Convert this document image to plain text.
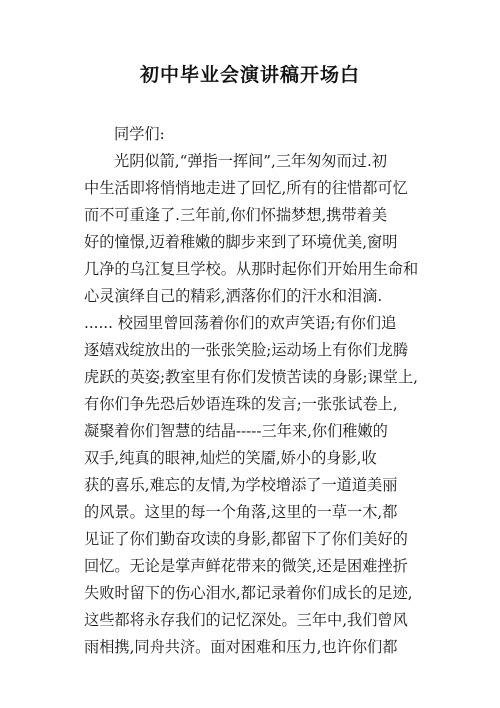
初中毕业会演讲稿开场白
同学们:
光阴似箭,“弹指一挥间”,三年匆匆而过.初
中生活即将悄悄地走进了回忆,所有的往惜都可忆
而不可重逢了.三年前,你们怀揣梦想,携带着美
好的憧憬,迈着稚嫩的脚步来到了环境优美,窗明
几净的乌江复旦学校。从那时起你们开始用生命和
心灵演绎自己的精彩,洒落你们的汗水和泪滴.
...... 校园里曾回荡着你们的欢声笑语;有你们追
逐嬉戏绽放出的一张张笑脸;运动场上有你们龙腾
虎跃的英姿;教室里有你们发愤苦读的身影;课堂上,
有你们争先恐后妙语连珠的发言;一张张试卷上,
凝聚着你们智慧的结晶-----三年来,你们稚嫩的
双手,纯真的眼神,灿烂的笑靥,娇小的身影,收
获的喜乐,难忘的友情,为学校增添了一道道美丽
的风景。这里的每一个角落,这里的一草一木,都
见证了你们勤奋攻读的身影,都留下了你们美好的
回忆。无论是掌声鲜花带来的微笑,还是困难挫折
失败时留下的伤心泪水,都记录着你们成长的足迹,
这些都将永存我们的记忆深处。三年中,我们曾风
雨相携,同舟共济。面对困难和压力,也许你们都
